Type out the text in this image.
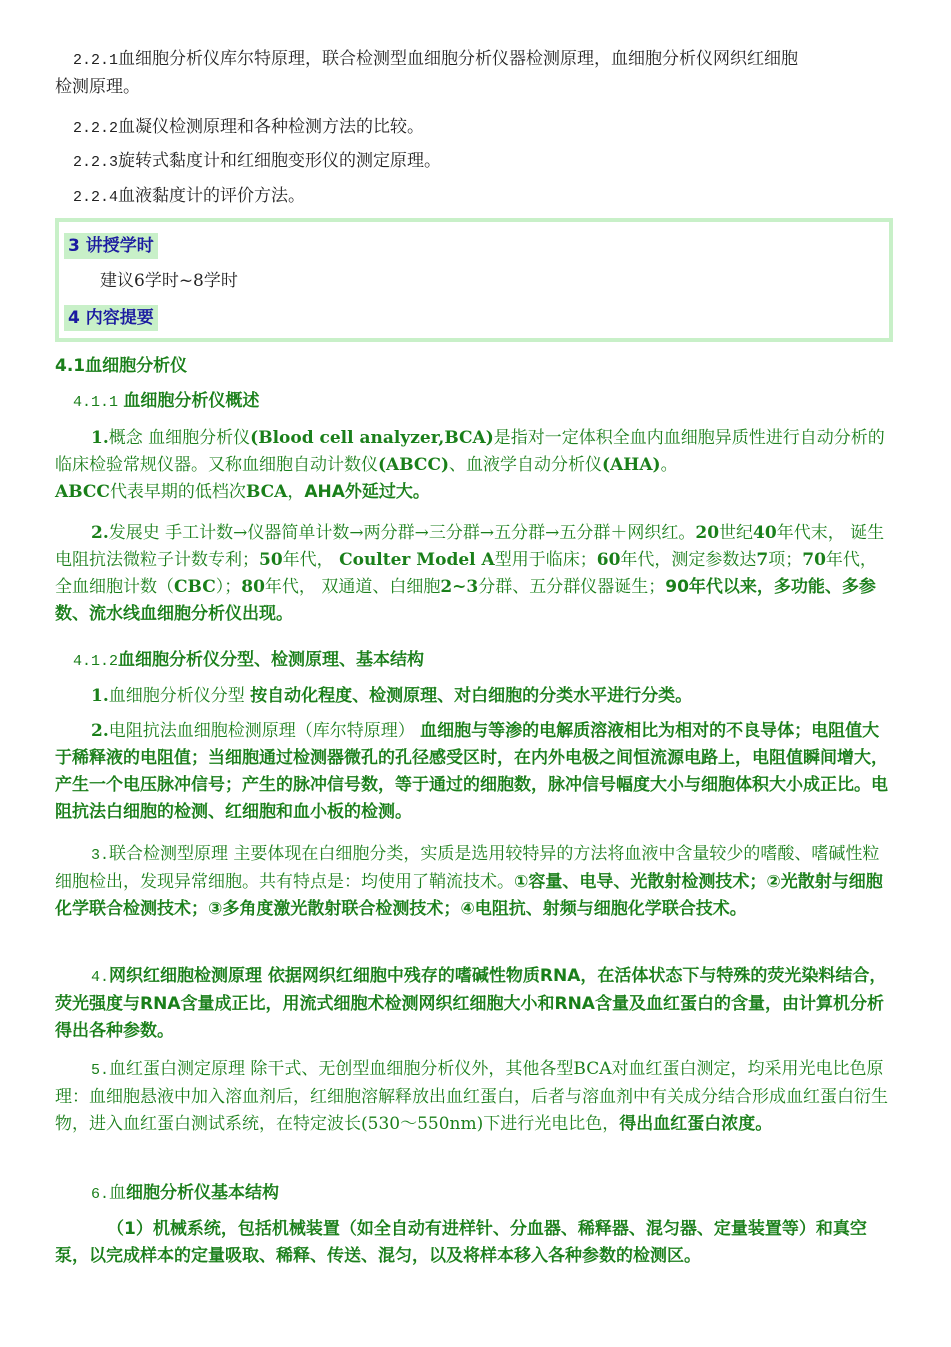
2.2.1血细胞分析仪库尔特原理，联合检测型血细胞分析仪器检测原理，血细胞分析仪网织红细胞
检测原理。

2.2.2血凝仪检测原理和各种检测方法的比较。

2.2.3旋转式黏度计和红细胞变形仪的测定原理。

2.2.4血液黏度计的评价方法。

3 讲授学时
建议6学时~8学时
4 内容提要

4.1血细胞分析仪

4.1.1 血细胞分析仪概述

1.概念 血细胞分析仪(Blood cell analyzer,BCA)是指对一定体积全血内血细胞异质性进行自动分析的临床检验常规仪器。又称血细胞自动计数仪(ABCC)、血液学自动分析仪(AHA)。
ABCC代表早期的低档次BCA，AHA外延过大。

2.发展史 手工计数→仪器简单计数→两分群→三分群→五分群→五分群＋网织红。20世纪40年代末， 诞生电阻抗法微粒子计数专利；50年代， Coulter Model A型用于临床；60年代，测定参数达7项；70年代， 全血细胞计数（CBC）；80年代， 双通道、白细胞2~3分群、五分群仪器诞生；90年代以来，多功能、多参数、流水线血细胞分析仪出现。

4.1.2血细胞分析仪分型、检测原理、基本结构

1.血细胞分析仪分型 按自动化程度、检测原理、对白细胞的分类水平进行分类。

2.电阻抗法血细胞检测原理（库尔特原理） 血细胞与等渗的电解质溶液相比为相对的不良导体；电阻值大于稀释液的电阻值；当细胞通过检测器微孔的孔径感受区时，在内外电极之间恒流源电路上，电阻值瞬间增大，产生一个电压脉冲信号；产生的脉冲信号数，等于通过的细胞数，脉冲信号幅度大小与细胞体积大小成正比。电阻抗法白细胞的检测、红细胞和血小板的检测。

3.联合检测型原理 主要体现在白细胞分类，实质是选用较特异的方法将血液中含量较少的嗜酸、嗜碱性粒细胞检出，发现异常细胞。共有特点是：均使用了鞘流技术。①容量、电导、光散射检测技术；②光散射与细胞化学联合检测技术；③多角度激光散射联合检测技术；④电阻抗、射频与细胞化学联合技术。

4.网织红细胞检测原理 依据网织红细胞中残存的嗜碱性物质RNA，在活体状态下与特殊的荧光染料结合，荧光强度与RNA含量成正比，用流式细胞术检测网织红细胞大小和RNA含量及血红蛋白的含量，由计算机分析得出各种参数。

5.血红蛋白测定原理 除干式、无创型血细胞分析仪外，其他各型BCA对血红蛋白测定，均采用光电比色原理：血细胞悬液中加入溶血剂后，红细胞溶解释放出血红蛋白，后者与溶血剂中有关成分结合形成血红蛋白衍生物，进入血红蛋白测试系统，在特定波长(530～550nm)下进行光电比色，得出血红蛋白浓度。

6.血细胞分析仪基本结构

（1）机械系统，包括机械装置（如全自动有进样针、分血器、稀释器、混匀器、定量装置等）和真空泵，以完成样本的定量吸取、稀释、传送、混匀，以及将样本移入各种参数的检测区。
